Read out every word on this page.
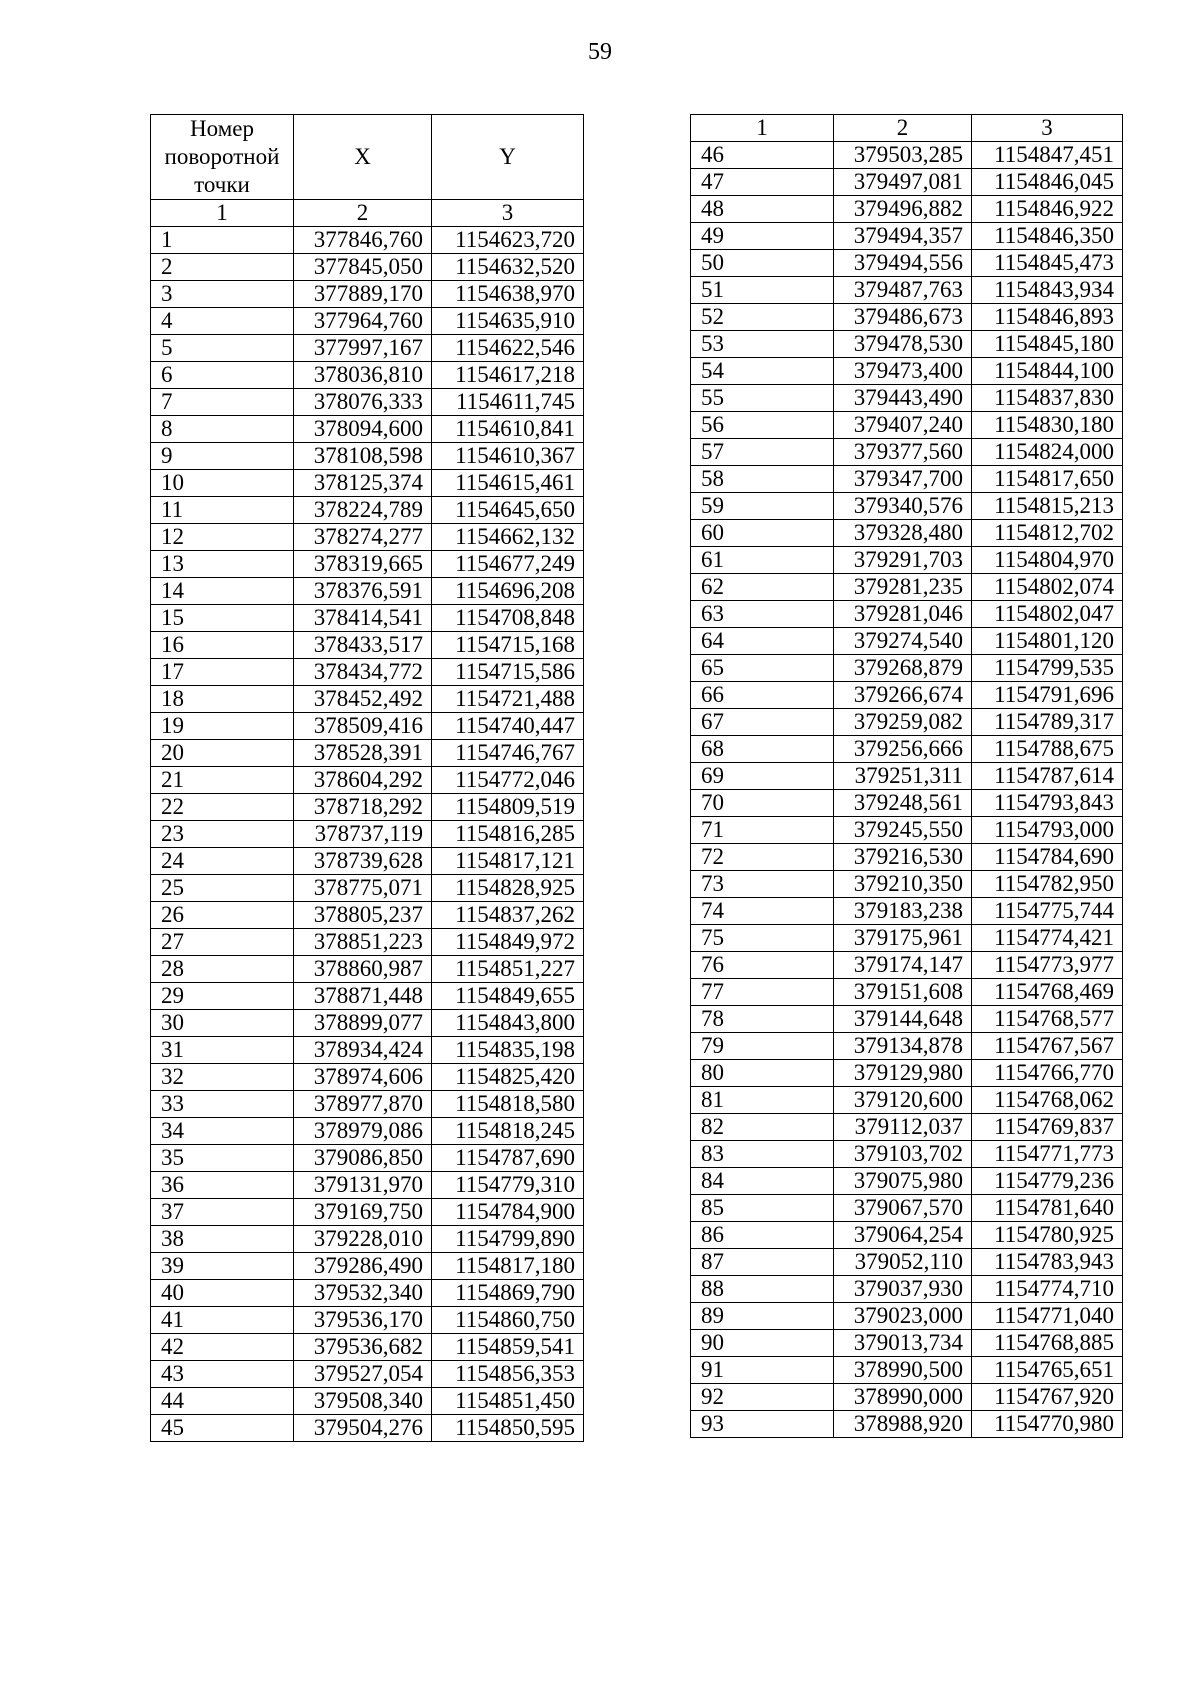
59
Номер поворотной точки	X	Y
1	2	3
1	377846,760	1154623,720
2	377845,050	1154632,520
3	377889,170	1154638,970
4	377964,760	1154635,910
5	377997,167	1154622,546
6	378036,810	1154617,218
7	378076,333	1154611,745
8	378094,600	1154610,841
9	378108,598	1154610,367
10	378125,374	1154615,461
11	378224,789	1154645,650
12	378274,277	1154662,132
13	378319,665	1154677,249
14	378376,591	1154696,208
15	378414,541	1154708,848
16	378433,517	1154715,168
17	378434,772	1154715,586
18	378452,492	1154721,488
19	378509,416	1154740,447
20	378528,391	1154746,767
21	378604,292	1154772,046
22	378718,292	1154809,519
23	378737,119	1154816,285
24	378739,628	1154817,121
25	378775,071	1154828,925
26	378805,237	1154837,262
27	378851,223	1154849,972
28	378860,987	1154851,227
29	378871,448	1154849,655
30	378899,077	1154843,800
31	378934,424	1154835,198
32	378974,606	1154825,420
33	378977,870	1154818,580
34	378979,086	1154818,245
35	379086,850	1154787,690
36	379131,970	1154779,310
37	379169,750	1154784,900
38	379228,010	1154799,890
39	379286,490	1154817,180
40	379532,340	1154869,790
41	379536,170	1154860,750
42	379536,682	1154859,541
43	379527,054	1154856,353
44	379508,340	1154851,450
45	379504,276	1154850,595
1	2	3
46	379503,285	1154847,451
47	379497,081	1154846,045
48	379496,882	1154846,922
49	379494,357	1154846,350
50	379494,556	1154845,473
51	379487,763	1154843,934
52	379486,673	1154846,893
53	379478,530	1154845,180
54	379473,400	1154844,100
55	379443,490	1154837,830
56	379407,240	1154830,180
57	379377,560	1154824,000
58	379347,700	1154817,650
59	379340,576	1154815,213
60	379328,480	1154812,702
61	379291,703	1154804,970
62	379281,235	1154802,074
63	379281,046	1154802,047
64	379274,540	1154801,120
65	379268,879	1154799,535
66	379266,674	1154791,696
67	379259,082	1154789,317
68	379256,666	1154788,675
69	379251,311	1154787,614
70	379248,561	1154793,843
71	379245,550	1154793,000
72	379216,530	1154784,690
73	379210,350	1154782,950
74	379183,238	1154775,744
75	379175,961	1154774,421
76	379174,147	1154773,977
77	379151,608	1154768,469
78	379144,648	1154768,577
79	379134,878	1154767,567
80	379129,980	1154766,770
81	379120,600	1154768,062
82	379112,037	1154769,837
83	379103,702	1154771,773
84	379075,980	1154779,236
85	379067,570	1154781,640
86	379064,254	1154780,925
87	379052,110	1154783,943
88	379037,930	1154774,710
89	379023,000	1154771,040
90	379013,734	1154768,885
91	378990,500	1154765,651
92	378990,000	1154767,920
93	378988,920	1154770,980
